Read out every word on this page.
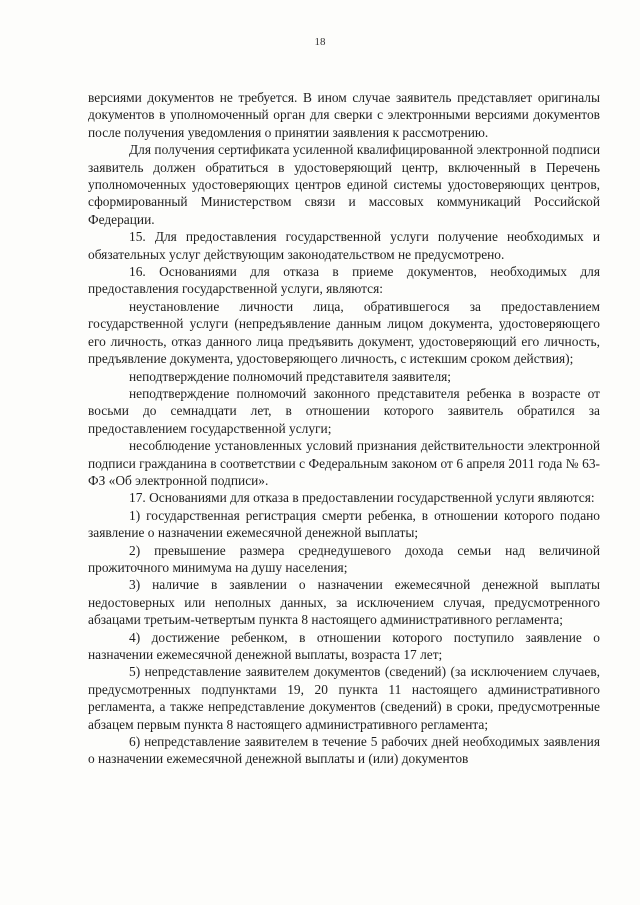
18

версиями документов не требуется. В ином случае заявитель представляет оригиналы документов в уполномоченный орган для сверки с электронными версиями документов после получения уведомления о принятии заявления к рассмотрению.

Для получения сертификата усиленной квалифицированной электронной подписи заявитель должен обратиться в удостоверяющий центр, включенный в Перечень уполномоченных удостоверяющих центров единой системы удостоверяющих центров, сформированный Министерством связи и массовых коммуникаций Российской Федерации.

15. Для предоставления государственной услуги получение необходимых и обязательных услуг действующим законодательством не предусмотрено.

16. Основаниями для отказа в приеме документов, необходимых для предоставления государственной услуги, являются:

неустановление личности лица, обратившегося за предоставлением государственной услуги (непредъявление данным лицом документа, удостоверяющего его личность, отказ данного лица предъявить документ, удостоверяющий его личность, предъявление документа, удостоверяющего личность, с истекшим сроком действия);

неподтверждение полномочий представителя заявителя;

неподтверждение полномочий законного представителя ребенка в возрасте от восьми до семнадцати лет, в отношении которого заявитель обратился за предоставлением государственной услуги;

несоблюдение установленных условий признания действительности электронной подписи гражданина в соответствии с Федеральным законом от 6 апреля 2011 года № 63-ФЗ «Об электронной подписи».

17. Основаниями для отказа в предоставлении государственной услуги являются:

1) государственная регистрация смерти ребенка, в отношении которого подано заявление о назначении ежемесячной денежной выплаты;

2) превышение размера среднедушевого дохода семьи над величиной прожиточного минимума на душу населения;

3) наличие в заявлении о назначении ежемесячной денежной выплаты недостоверных или неполных данных, за исключением случая, предусмотренного абзацами третьим-четвертым пункта 8 настоящего административного регламента;

4) достижение ребенком, в отношении которого поступило заявление о назначении ежемесячной денежной выплаты, возраста 17 лет;

5) непредставление заявителем документов (сведений) (за исключением случаев, предусмотренных подпунктами 19, 20 пункта 11 настоящего административного регламента, а также непредставление документов (сведений) в сроки, предусмотренные абзацем первым пункта 8 настоящего административного регламента;

6) непредставление заявителем в течение 5 рабочих дней необходимых заявления о назначении ежемесячной денежной выплаты и (или) документов
